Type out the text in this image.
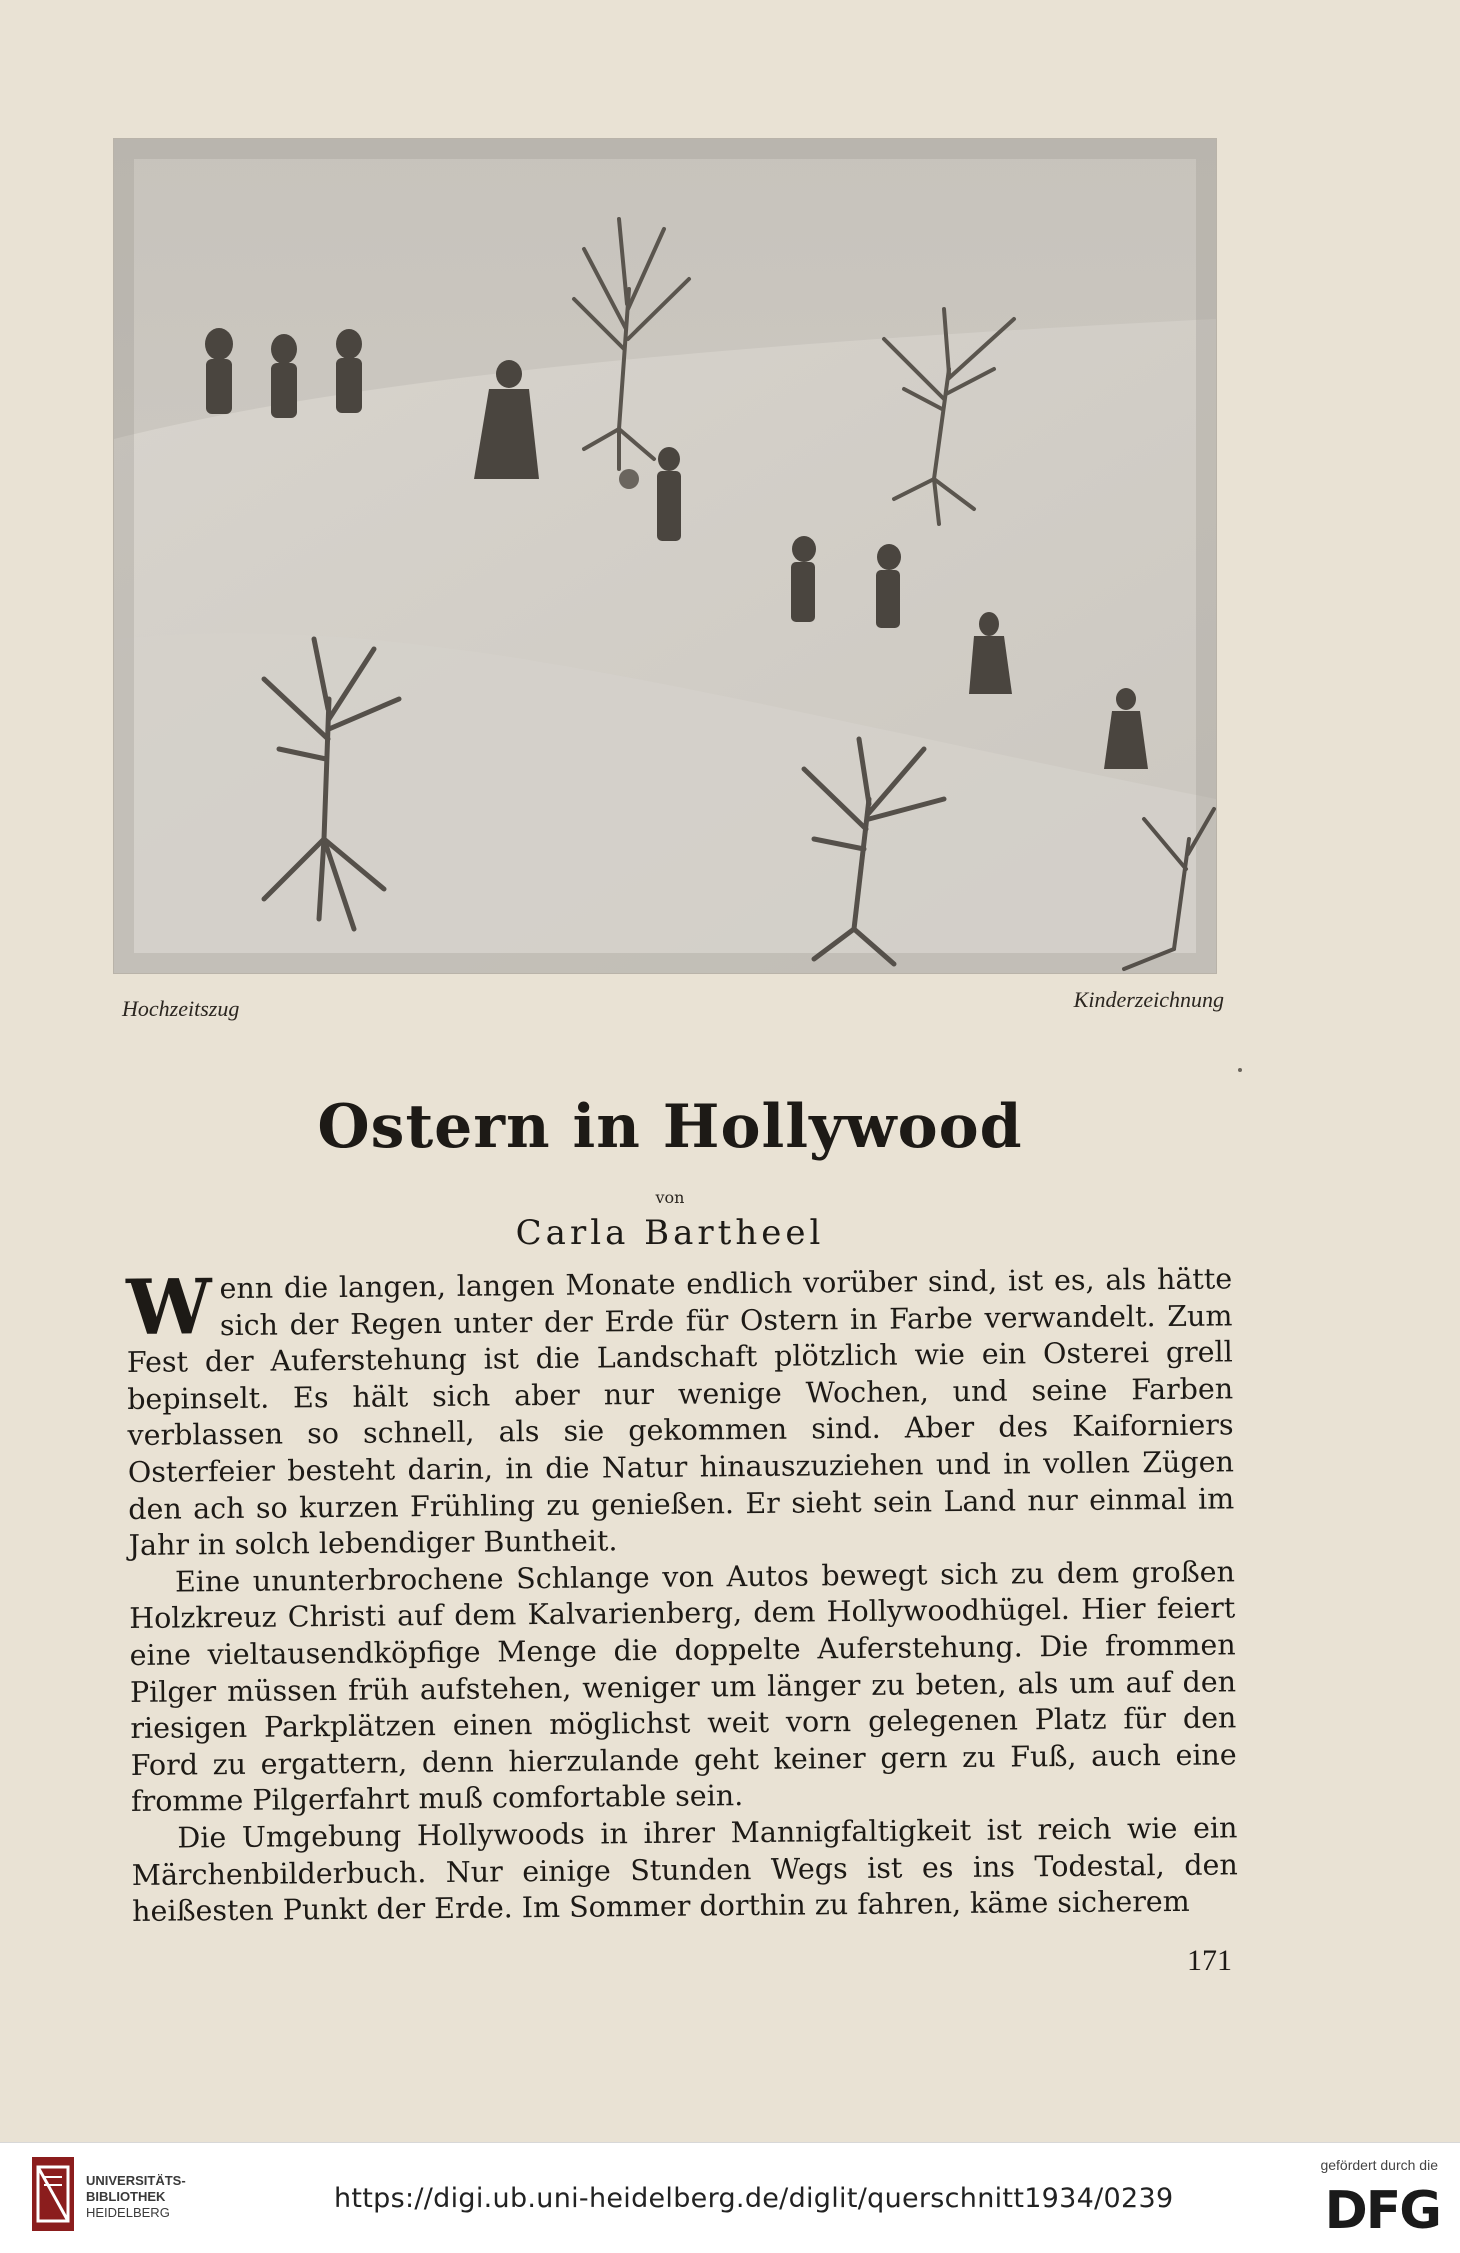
Hochzeitszug	Kinderzeichnung
Ostern in Hollywood
von
Carla Bartheel

Wenn die langen, langen Monate endlich vorüber sind, ist es, als hätte sich der Regen unter der Erde für Ostern in Farbe verwandelt. Zum Fest der Auferstehung ist die Landschaft plötzlich wie ein Osterei grell bepinselt. Es hält sich aber nur wenige Wochen, und seine Farben verblassen so schnell, als sie gekommen sind. Aber des Kaiforniers Osterfeier besteht darin, in die Natur hinauszuziehen und in vollen Zügen den ach so kurzen Frühling zu genießen. Er sieht sein Land nur einmal im Jahr in solch lebendiger Buntheit.

Eine ununterbrochene Schlange von Autos bewegt sich zu dem großen Holzkreuz Christi auf dem Kalvarienberg, dem Hollywoodhügel. Hier feiert eine vieltausendköpfige Menge die doppelte Auferstehung. Die frommen Pilger müssen früh aufstehen, weniger um länger zu beten, als um auf den riesigen Parkplätzen einen möglichst weit vorn gelegenen Platz für den Ford zu ergattern, denn hierzulande geht keiner gern zu Fuß, auch eine fromme Pilgerfahrt muß comfortable sein.

Die Umgebung Hollywoods in ihrer Mannigfaltigkeit ist reich wie ein Märchenbilderbuch. Nur einige Stunden Wegs ist es ins Todestal, den heißesten Punkt der Erde. Im Sommer dorthin zu fahren, käme sicherem

171
UNIVERSITÄTS-
BIBLIOTHEK
HEIDELBERG	https://digi.ub.uni-heidelberg.de/diglit/querschnitt1934/0239
gefördert durch die
DFG
